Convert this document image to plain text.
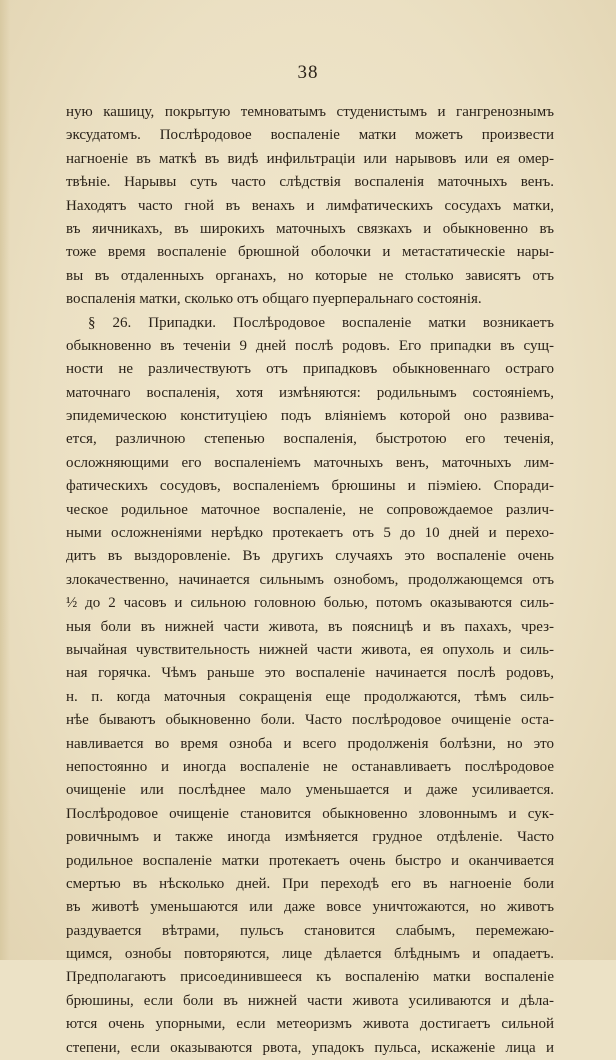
38
ную кашицу, покрытую темноватымъ студенистымъ и гангренознымъ
эксудатомъ. Послѣродовое воспаленіе матки можетъ произвести
нагноеніе въ маткѣ въ видѣ инфильтраціи или нарывовъ или ея омер-
твѣніе. Нарывы суть часто слѣдствія воспаленія маточныхъ венъ.
Находятъ часто гной въ венахъ и лимфатическихъ сосудахъ матки,
въ яичникахъ, въ широкихъ маточныхъ связкахъ и обыкновенно въ
тоже время воспаленіе брюшной оболочки и метастатическіе нары-
вы въ отдаленныхъ органахъ, но которые не столько зависятъ отъ
воспаленія матки, сколько отъ общаго пуерперальнаго состоянія.
§ 26. Припадки. Послѣродовое воспаленіе матки возникаетъ
обыкновенно въ теченіи 9 дней послѣ родовъ. Его припадки въ сущ-
ности не различествуютъ отъ припадковъ обыкновеннаго остраго
маточнаго воспаленія, хотя измѣняются: родильнымъ состояніемъ,
эпидемическою конституціею подъ вліяніемъ которой оно развива-
ется, различною степенью воспаленія, быстротою его теченія,
осложняющими его воспаленіемъ маточныхъ венъ, маточныхъ лим-
фатическихъ сосудовъ, воспаленіемъ брюшины и піэміею. Споради-
ческое родильное маточное воспаленіе, не сопровождаемое различ-
ными осложненіями нерѣдко протекаетъ отъ 5 до 10 дней и перехо-
дитъ въ выздоровленіе. Въ другихъ случаяхъ это воспаленіе очень
злокачественно, начинается сильнымъ ознобомъ, продолжающемся отъ
½ до 2 часовъ и сильною головною болью, потомъ оказываются силь-
ныя боли въ нижней части живота, въ поясницѣ и въ пахахъ, чрез-
вычайная чувствительность нижней части живота, ея опухоль и силь-
ная горячка. Чѣмъ раньше это воспаленіе начинается послѣ родовъ,
н. п. когда маточныя сокращенія еще продолжаются, тѣмъ силь-
нѣе бываютъ обыкновенно боли. Часто послѣродовое очищеніе оста-
навливается во время озноба и всего продолженія болѣзни, но это
непостоянно и иногда воспаленіе не останавливаетъ послѣродовое
очищеніе или послѣднее мало уменьшается и даже усиливается.
Послѣродовое очищеніе становится обыкновенно зловоннымъ и сук-
ровичнымъ и также иногда измѣняется грудное отдѣленіе. Часто
родильное воспаленіе матки протекаетъ очень быстро и оканчивается
смертью въ нѣсколько дней. При переходѣ его въ нагноеніе боли
въ животѣ уменьшаются или даже вовсе уничтожаются, но животъ
раздувается вѣтрами, пульсъ становится слабымъ, перемежаю-
щимся, ознобы повторяются, лице дѣлается блѣднымъ и опадаетъ.
Предполагаютъ присоединившееся къ воспаленію матки воспаленіе
брюшины, если боли въ нижней части живота усиливаются и дѣла-
ются очень упорными, если метеоризмъ живота достигаетъ сильной
степени, если оказываются рвота, упадокъ пульса, искаженіе лица и
